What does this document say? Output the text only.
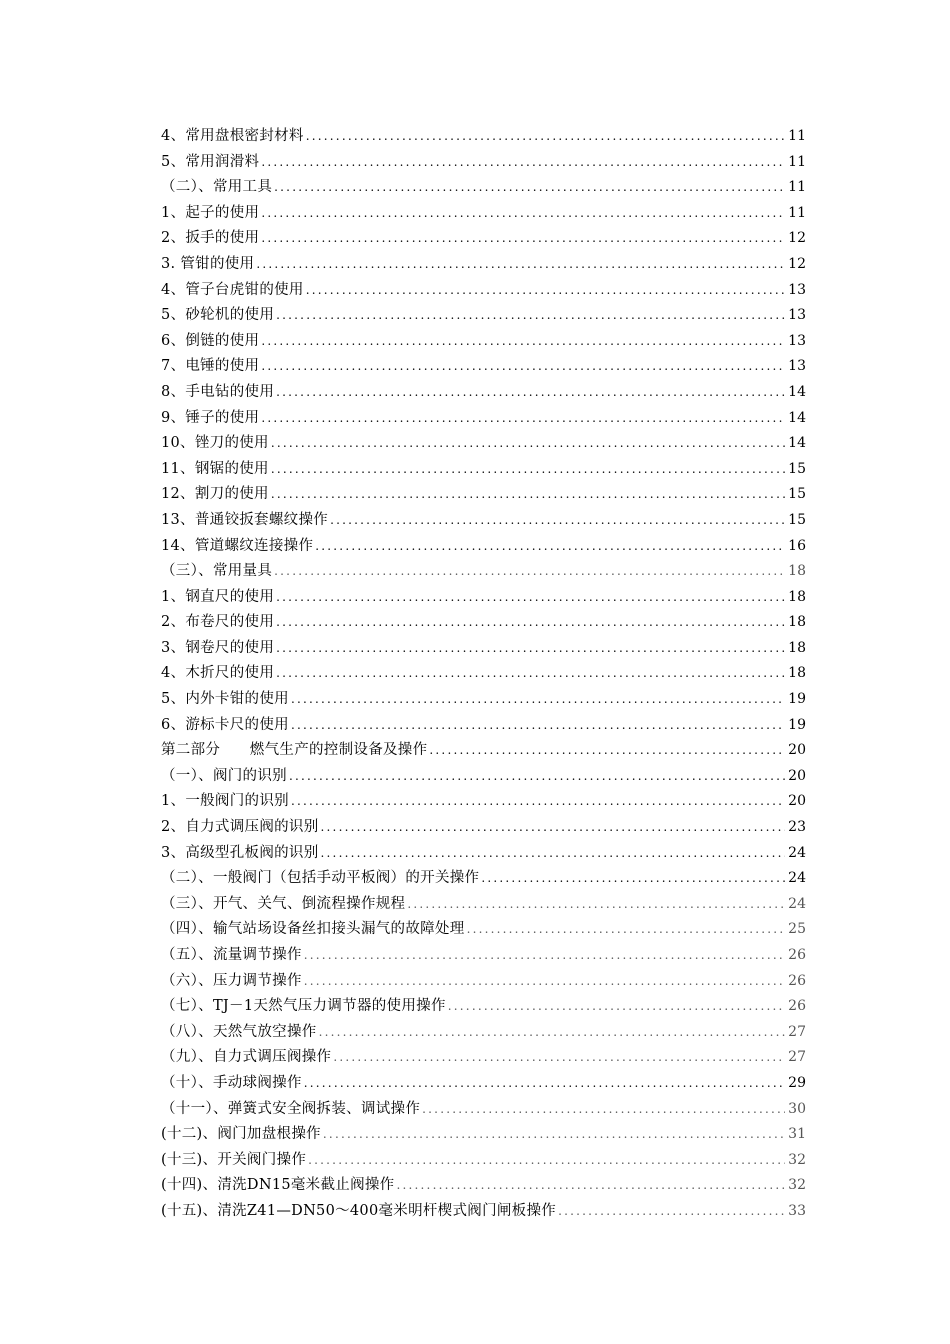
4、常用盘根密封材料 .....	11
5、常用润滑料 .....	11
（二）、常用工具 .....	11
1、起子的使用 .....	11
2、扳手的使用 .....	12
3. 管钳的使用 .....	12
4、管子台虎钳的使用 .....	13
5、砂轮机的使用 .....	13
6、倒链的使用 .....	13
7、电锤的使用 .....	13
8、手电钻的使用 .....	14
9、锤子的使用 .....	14
10、锉刀的使用 .....	14
11、钢锯的使用 .....	15
12、割刀的使用 .....	15
13、普通铰扳套螺纹操作 .....	15
14、管道螺纹连接操作 .....	16
（三）、常用量具 .....	18
1、钢直尺的使用 .....	18
2、布卷尺的使用 .....	18
3、钢卷尺的使用 .....	18
4、木折尺的使用 .....	18
5、内外卡钳的使用 .....	19
6、游标卡尺的使用 .....	19
第二部分　　燃气生产的控制设备及操作 .....	20
（一）、阀门的识别 .....	20
1、一般阀门的识别 .....	20
2、自力式调压阀的识别 .....	23
3、高级型孔板阀的识别 .....	24
（二）、一般阀门（包括手动平板阀）的开关操作 .....	24
（三）、开气、关气、倒流程操作规程 .....	24
（四）、输气站场设备丝扣接头漏气的故障处理 .....	25
（五）、流量调节操作 .....	26
（六）、压力调节操作 .....	26
（七）、TJ－1天然气压力调节器的使用操作 .....	26
（八）、天然气放空操作 .....	27
（九）、自力式调压阀操作 .....	27
（十）、手动球阀操作 .....	29
（十一）、弹簧式安全阀拆装、调试操作 .....	30
(十二)、阀门加盘根操作 .....	31
(十三)、开关阀门操作 .....	32
(十四)、清洗DN15毫米截止阀操作 .....	32
(十五)、清洗Z41—DN50～400毫米明杆楔式阀门闸板操作 .....	33
